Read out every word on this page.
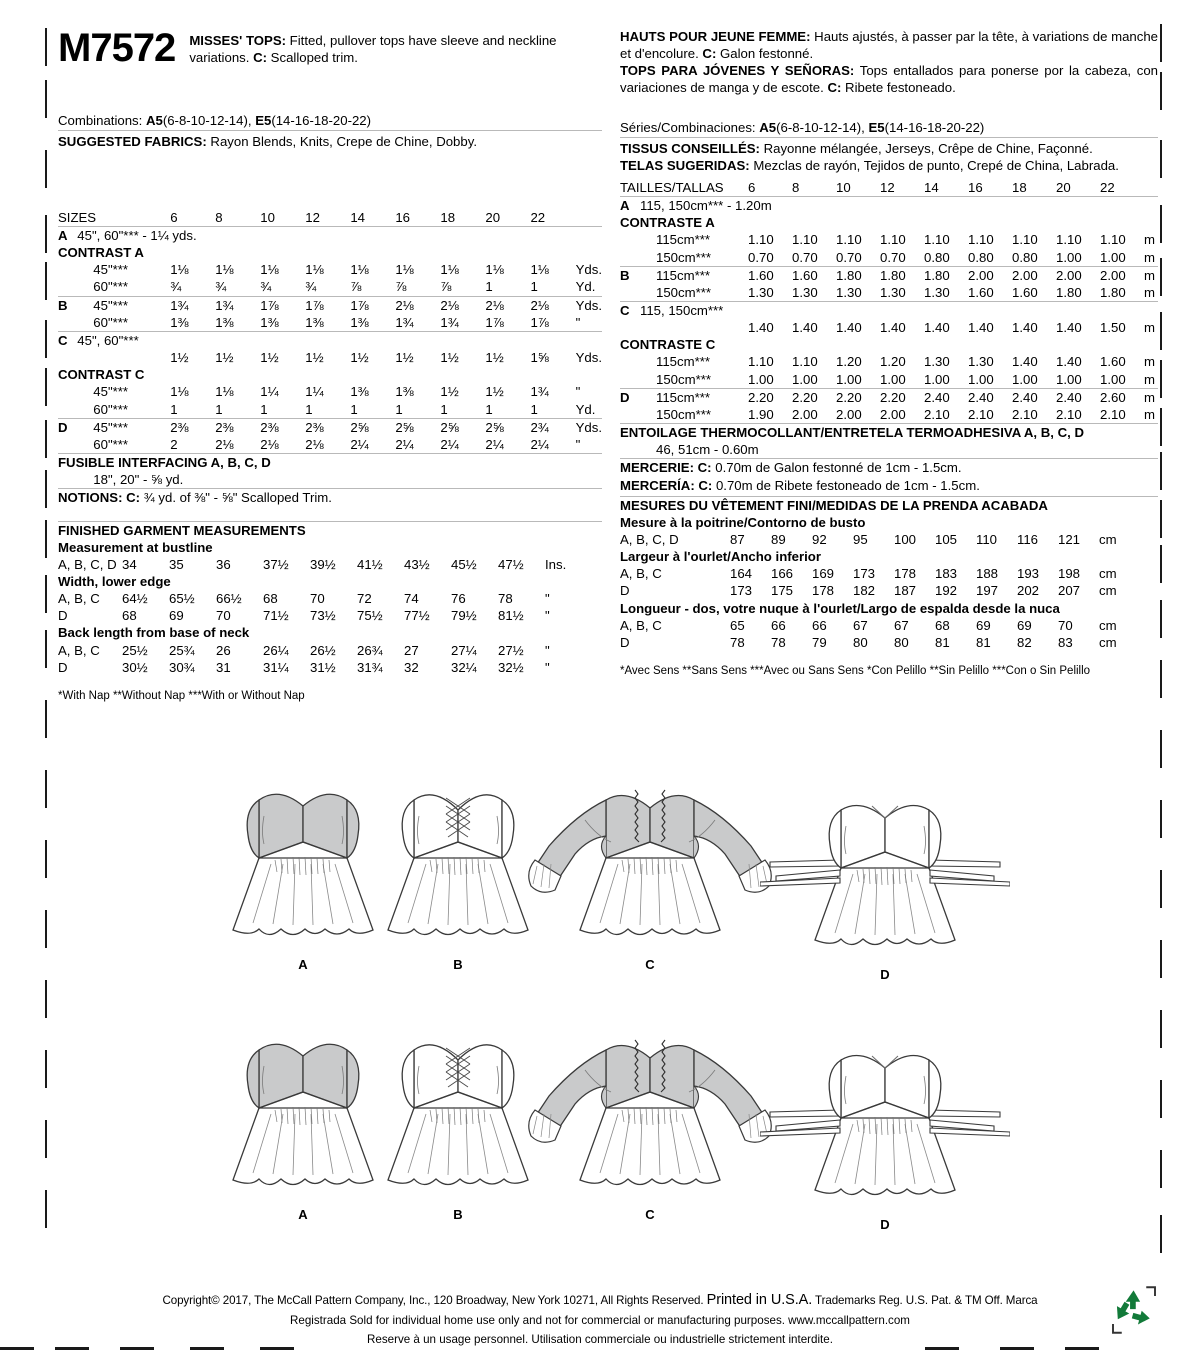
M7572	MISSES' TOPS: Fitted, pullover tops have sleeve and neckline variations. C: Scalloped trim.
Combinations: A5(6-8-10-12-14), E5(14-16-18-20-22)
SUGGESTED FABRICS: Rayon Blends, Knits, Crepe de Chine, Dobby.
SIZES		6	8	10	12	14	16	18	20	22	
A	45", 60"*** - 1¼ yds.										
CONTRAST A											
	45"***	1⅛	1⅛	1⅛	1⅛	1⅛	1⅛	1⅛	1⅛	1⅛	Yds.
	60"***	¾	¾	¾	¾	⅞	⅞	⅞	1	1	Yd.
B	45"***	1¾	1¾	1⅞	1⅞	1⅞	2⅛	2⅛	2⅛	2⅛	Yds.
	60"***	1⅜	1⅜	1⅜	1⅜	1⅜	1¾	1¾	1⅞	1⅞	"
C	45", 60"***										
		1½	1½	1½	1½	1½	1½	1½	1½	1⅝	Yds.
CONTRAST C											
	45"***	1⅛	1⅛	1¼	1¼	1⅜	1⅜	1½	1½	1¾	"
	60"***	1	1	1	1	1	1	1	1	1	Yd.
D	45"***	2⅜	2⅜	2⅜	2⅜	2⅝	2⅝	2⅝	2⅝	2¾	Yds.
	60"***	2	2⅛	2⅛	2⅛	2¼	2¼	2¼	2¼	2¼	"
FUSIBLE INTERFACING A, B, C, D											
	18", 20" - ⅝ yd.										
NOTIONS: C: ¾ yd. of ⅜" - ⅝" Scalloped Trim.											
FINISHED GARMENT MEASUREMENTS										
Measurement at bustline										
A, B, C, D	34	35	36	37½	39½	41½	43½	45½	47½	Ins.
Width, lower edge										
A, B, C	64½	65½	66½	68	70	72	74	76	78	"
D	68	69	70	71½	73½	75½	77½	79½	81½	"
Back length from base of neck										
A, B, C	25½	25¾	26	26¼	26½	26¾	27	27¼	27½	"
D	30½	30¾	31	31¼	31½	31¾	32	32¼	32½	"
*With Nap **Without Nap ***With or Without Nap
HAUTS POUR JEUNE FEMME: Hauts ajustés, à passer par la tête, à variations de manche et d'encolure. C: Galon festonné.
TOPS PARA JÓVENES Y SEÑORAS: Tops entallados para ponerse por la cabeza, con variaciones de manga y de escote. C: Ribete festoneado.
Séries/Combinaciones: A5(6-8-10-12-14), E5(14-16-18-20-22)
TISSUS CONSEILLÉS: Rayonne mélangée, Jerseys, Crêpe de Chine, Façonné.
TELAS SUGERIDAS: Mezclas de rayón, Tejidos de punto, Crepé de China, Labrada.
TAILLES/TALLAS		6	8	10	12	14	16	18	20	22	
A	115, 150cm*** - 1.20m										
CONTRASTE A											
	115cm***	1.10	1.10	1.10	1.10	1.10	1.10	1.10	1.10	1.10	m
	150cm***	0.70	0.70	0.70	0.70	0.80	0.80	0.80	1.00	1.00	m
B	115cm***	1.60	1.60	1.80	1.80	1.80	2.00	2.00	2.00	2.00	m
	150cm***	1.30	1.30	1.30	1.30	1.30	1.60	1.60	1.80	1.80	m
C	115, 150cm***										
		1.40	1.40	1.40	1.40	1.40	1.40	1.40	1.40	1.50	m
CONTRASTE C											
	115cm***	1.10	1.10	1.20	1.20	1.30	1.30	1.40	1.40	1.60	m
	150cm***	1.00	1.00	1.00	1.00	1.00	1.00	1.00	1.00	1.00	m
D	115cm***	2.20	2.20	2.20	2.20	2.40	2.40	2.40	2.40	2.60	m
	150cm***	1.90	2.00	2.00	2.00	2.10	2.10	2.10	2.10	2.10	m
ENTOILAGE THERMOCOLLANT/ENTRETELA TERMOADHESIVA A, B, C, D											
	46, 51cm - 0.60m										
MERCERIE: C: 0.70m de Galon festonné de 1cm - 1.5cm.											
MERCERÍA: C: 0.70m de Ribete festoneado de 1cm - 1.5cm.											
MESURES DU VÊTEMENT FINI/MEDIDAS DE LA PRENDA ACABADA										
Mesure à la poitrine/Contorno de busto										
A, B, C, D	87	89	92	95	100	105	110	116	121	cm
Largeur à l'ourlet/Ancho inferior										
A, B, C	164	166	169	173	178	183	188	193	198	cm
D	173	175	178	182	187	192	197	202	207	cm
Longueur - dos, votre nuque à l'ourlet/Largo de espalda desde la nuca										
A, B, C	65	66	66	67	67	68	69	69	70	cm
D	78	78	79	80	80	81	81	82	83	cm
*Avec Sens **Sans Sens ***Avec ou Sans Sens *Con Pelillo **Sin Pelillo ***Con o Sin Pelillo
A	B	C
D
A	B	C
D
Copyright© 2017, The McCall Pattern Company, Inc., 120 Broadway, New York 10271, All Rights Reserved. Printed in U.S.A. Trademarks Reg. U.S. Pat. & TM Off. Marca
Registrada Sold for individual home use only and not for commercial or manufacturing purposes. www.mccallpattern.com
Reserve à un usage personnel. Utilisation commerciale ou industrielle strictement interdite.
